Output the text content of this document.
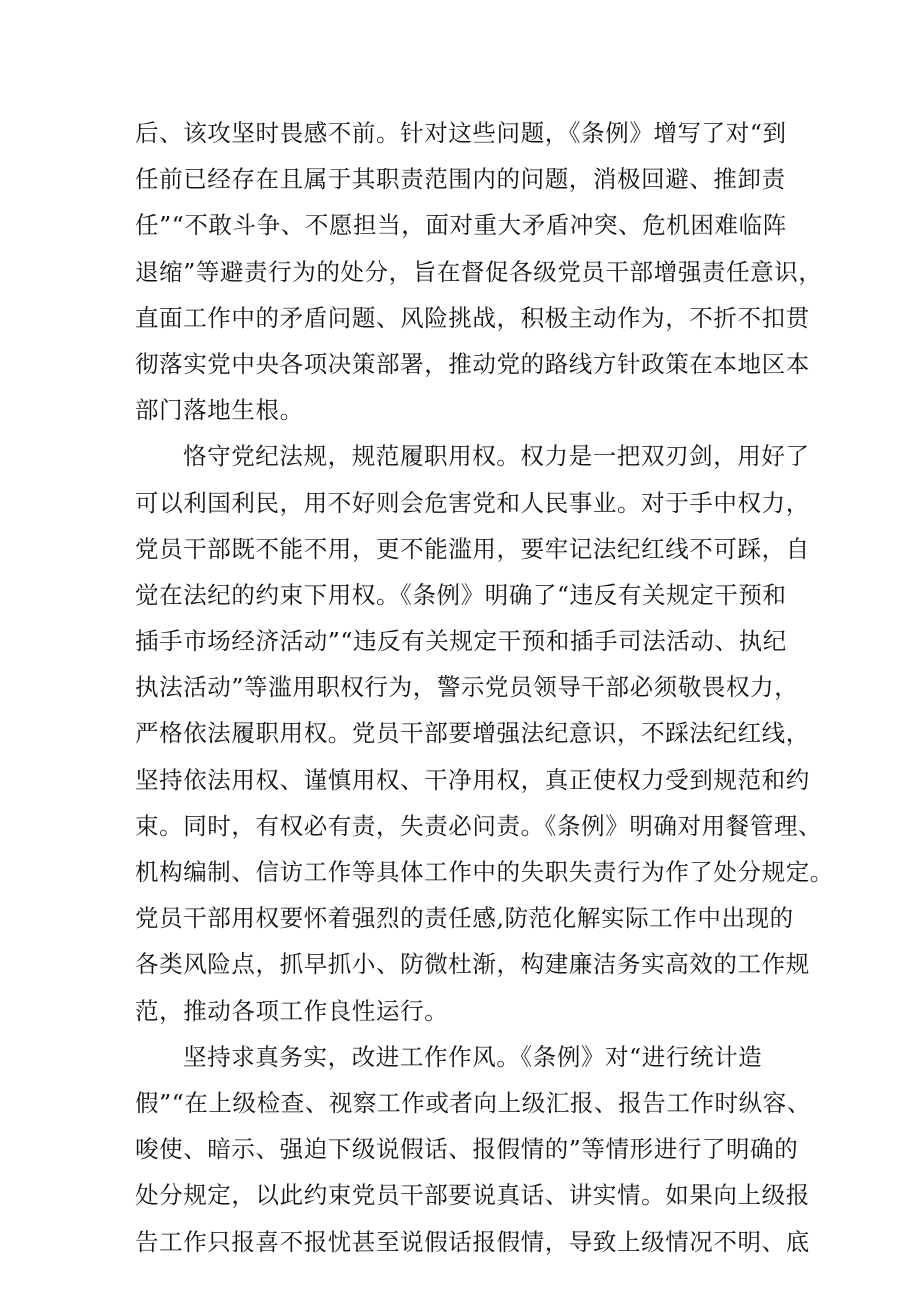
后、该攻坚时畏感不前。针对这些问题，《条例》增写了对“到
任前已经存在且属于其职责范围内的问题，消极回避、推卸责
任”“不敢斗争、不愿担当，面对重大矛盾冲突、危机困难临阵
退缩”等避责行为的处分，旨在督促各级党员干部增强责任意识，
直面工作中的矛盾问题、风险挑战，积极主动作为，不折不扣贯
彻落实党中央各项决策部署，推动党的路线方针政策在本地区本
部门落地生根。
恪守党纪法规，规范履职用权。权力是一把双刃剑，用好了
可以利国利民，用不好则会危害党和人民事业。对于手中权力，
党员干部既不能不用，更不能滥用，要牢记法纪红线不可踩，自
觉在法纪的约束下用权。《条例》明确了“违反有关规定干预和
插手市场经济活动”“违反有关规定干预和插手司法活动、执纪
执法活动”等滥用职权行为，警示党员领导干部必须敬畏权力，
严格依法履职用权。党员干部要增强法纪意识，不踩法纪红线，
坚持依法用权、谨慎用权、干净用权，真正使权力受到规范和约
束。同时，有权必有责，失责必问责。《条例》明确对用餐管理、
机构编制、信访工作等具体工作中的失职失责行为作了处分规定。
党员干部用权要怀着强烈的责任感,防范化解实际工作中出现的
各类风险点，抓早抓小、防微杜渐，构建廉洁务实高效的工作规
范，推动各项工作良性运行。
坚持求真务实，改进工作作风。《条例》对“进行统计造
假”“在上级检查、视察工作或者向上级汇报、报告工作时纵容、
唆使、暗示、强迫下级说假话、报假情的”等情形进行了明确的
处分规定，以此约束党员干部要说真话、讲实情。如果向上级报
告工作只报喜不报忧甚至说假话报假情，导致上级情况不明、底
